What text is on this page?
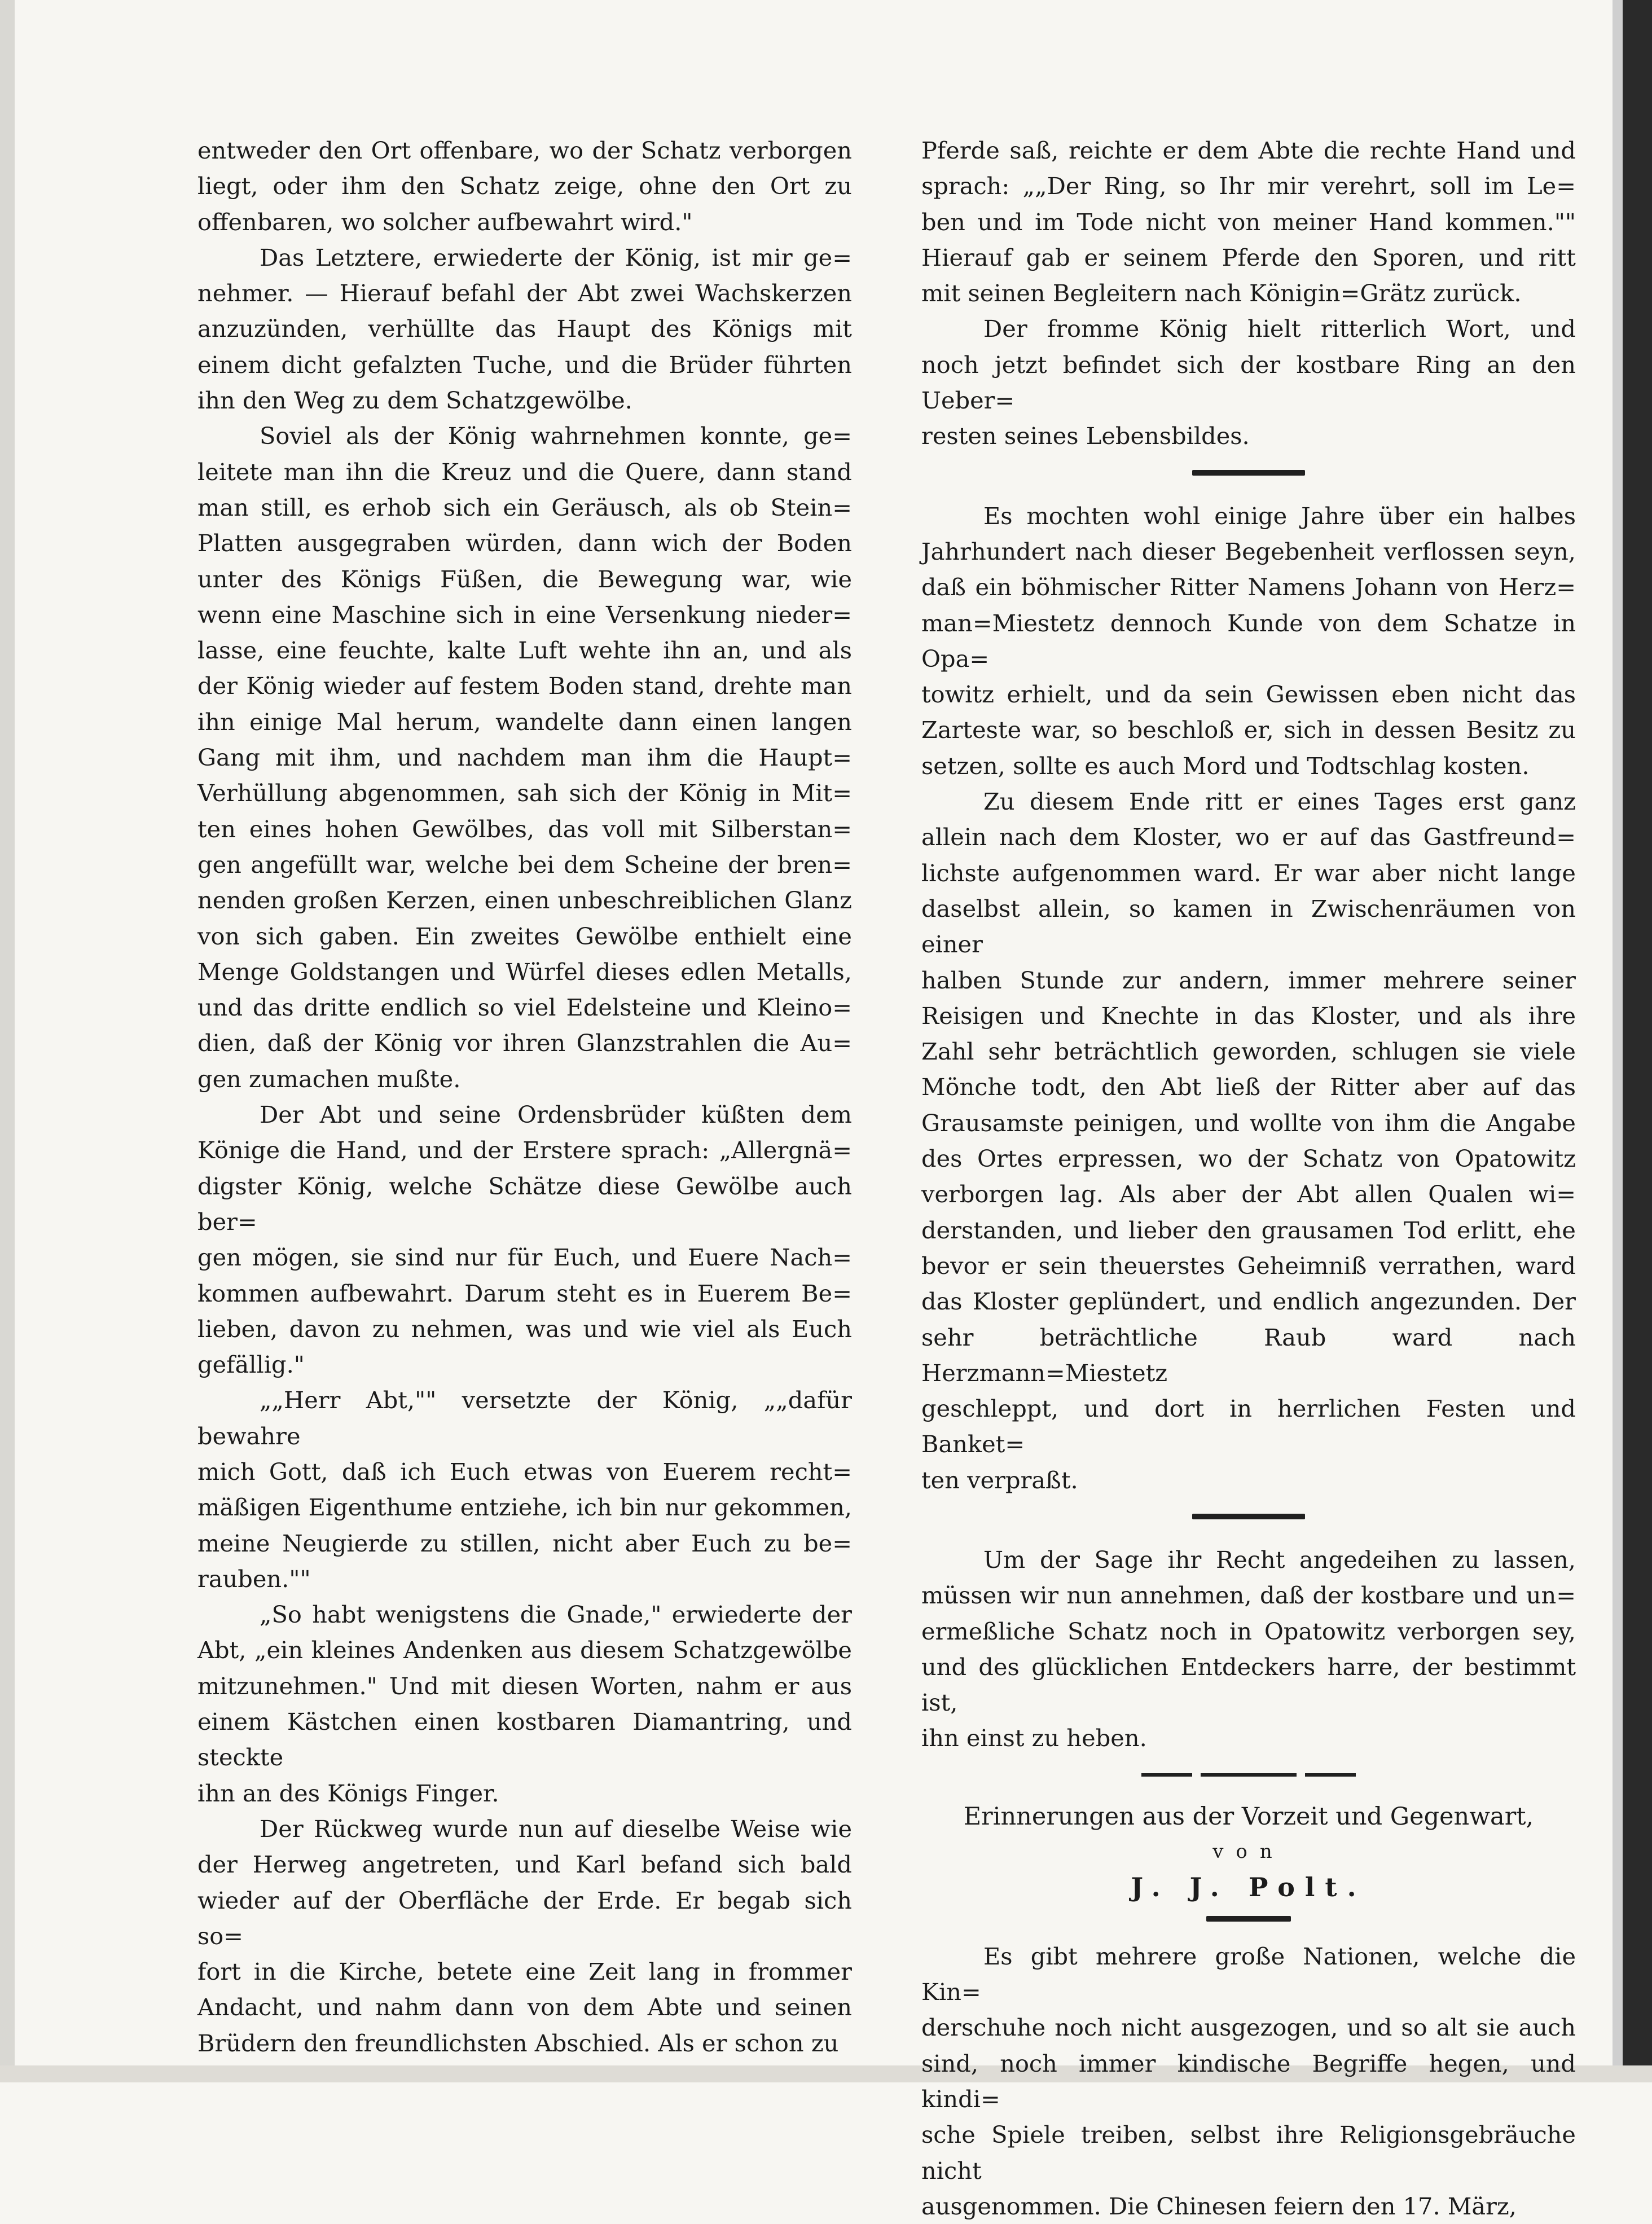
entweder den Ort offenbare, wo der Schatz verborgen

liegt, oder ihm den Schatz zeige, ohne den Ort zu

offenbaren, wo solcher aufbewahrt wird."

Das Letztere, erwiederte der König, ist mir ge=

nehmer. — Hierauf befahl der Abt zwei Wachskerzen

anzuzünden, verhüllte das Haupt des Königs mit

einem dicht gefalzten Tuche, und die Brüder führten

ihn den Weg zu dem Schatzgewölbe.

Soviel als der König wahrnehmen konnte, ge=

leitete man ihn die Kreuz und die Quere, dann stand

man still, es erhob sich ein Geräusch, als ob Stein=

Platten ausgegraben würden, dann wich der Boden

unter des Königs Füßen, die Bewegung war, wie

wenn eine Maschine sich in eine Versenkung nieder=

lasse, eine feuchte, kalte Luft wehte ihn an, und als

der König wieder auf festem Boden stand, drehte man

ihn einige Mal herum, wandelte dann einen langen

Gang mit ihm, und nachdem man ihm die Haupt=

Verhüllung abgenommen, sah sich der König in Mit=

ten eines hohen Gewölbes, das voll mit Silberstan=

gen angefüllt war, welche bei dem Scheine der bren=

nenden großen Kerzen, einen unbeschreiblichen Glanz

von sich gaben. Ein zweites Gewölbe enthielt eine

Menge Goldstangen und Würfel dieses edlen Metalls,

und das dritte endlich so viel Edelsteine und Kleino=

dien, daß der König vor ihren Glanzstrahlen die Au=

gen zumachen mußte.

Der Abt und seine Ordensbrüder küßten dem

Könige die Hand, und der Erstere sprach: „Allergnä=

digster König, welche Schätze diese Gewölbe auch ber=

gen mögen, sie sind nur für Euch, und Euere Nach=

kommen aufbewahrt. Darum steht es in Euerem Be=

lieben, davon zu nehmen, was und wie viel als Euch

gefällig."

„„Herr Abt,"" versetzte der König, „„dafür bewahre

mich Gott, daß ich Euch etwas von Euerem recht=

mäßigen Eigenthume entziehe, ich bin nur gekommen,

meine Neugierde zu stillen, nicht aber Euch zu be=

rauben.""

„So habt wenigstens die Gnade," erwiederte der

Abt, „ein kleines Andenken aus diesem Schatzgewölbe

mitzunehmen." Und mit diesen Worten, nahm er aus

einem Kästchen einen kostbaren Diamantring, und steckte

ihn an des Königs Finger.

Der Rückweg wurde nun auf dieselbe Weise wie

der Herweg angetreten, und Karl befand sich bald

wieder auf der Oberfläche der Erde. Er begab sich so=

fort in die Kirche, betete eine Zeit lang in frommer

Andacht, und nahm dann von dem Abte und seinen

Brüdern den freundlichsten Abschied. Als er schon zu

Pferde saß, reichte er dem Abte die rechte Hand und

sprach: „„Der Ring, so Ihr mir verehrt, soll im Le=

ben und im Tode nicht von meiner Hand kommen.""

Hierauf gab er seinem Pferde den Sporen, und ritt

mit seinen Begleitern nach Königin=Grätz zurück.

Der fromme König hielt ritterlich Wort, und

noch jetzt befindet sich der kostbare Ring an den Ueber=

resten seines Lebensbildes.

Es mochten wohl einige Jahre über ein halbes

Jahrhundert nach dieser Begebenheit verflossen seyn,

daß ein böhmischer Ritter Namens Johann von Herz=

man=Miestetz dennoch Kunde von dem Schatze in Opa=

towitz erhielt, und da sein Gewissen eben nicht das

Zarteste war, so beschloß er, sich in dessen Besitz zu

setzen, sollte es auch Mord und Todtschlag kosten.

Zu diesem Ende ritt er eines Tages erst ganz

allein nach dem Kloster, wo er auf das Gastfreund=

lichste aufgenommen ward. Er war aber nicht lange

daselbst allein, so kamen in Zwischenräumen von einer

halben Stunde zur andern, immer mehrere seiner

Reisigen und Knechte in das Kloster, und als ihre

Zahl sehr beträchtlich geworden, schlugen sie viele

Mönche todt, den Abt ließ der Ritter aber auf das

Grausamste peinigen, und wollte von ihm die Angabe

des Ortes erpressen, wo der Schatz von Opatowitz

verborgen lag. Als aber der Abt allen Qualen wi=

derstanden, und lieber den grausamen Tod erlitt, ehe

bevor er sein theuerstes Geheimniß verrathen, ward

das Kloster geplündert, und endlich angezunden. Der

sehr beträchtliche Raub ward nach Herzmann=Miestetz

geschleppt, und dort in herrlichen Festen und Banket=

ten verpraßt.

Um der Sage ihr Recht angedeihen zu lassen,

müssen wir nun annehmen, daß der kostbare und un=

ermeßliche Schatz noch in Opatowitz verborgen sey,

und des glücklichen Entdeckers harre, der bestimmt ist,

ihn einst zu heben.

Erinnerungen aus der Vorzeit und Gegenwart,

von

J. J. Polt.

Es gibt mehrere große Nationen, welche die Kin=

derschuhe noch nicht ausgezogen, und so alt sie auch

sind, noch immer kindische Begriffe hegen, und kindi=

sche Spiele treiben, selbst ihre Religionsgebräuche nicht

ausgenommen. Die Chinesen feiern den 17. März,
